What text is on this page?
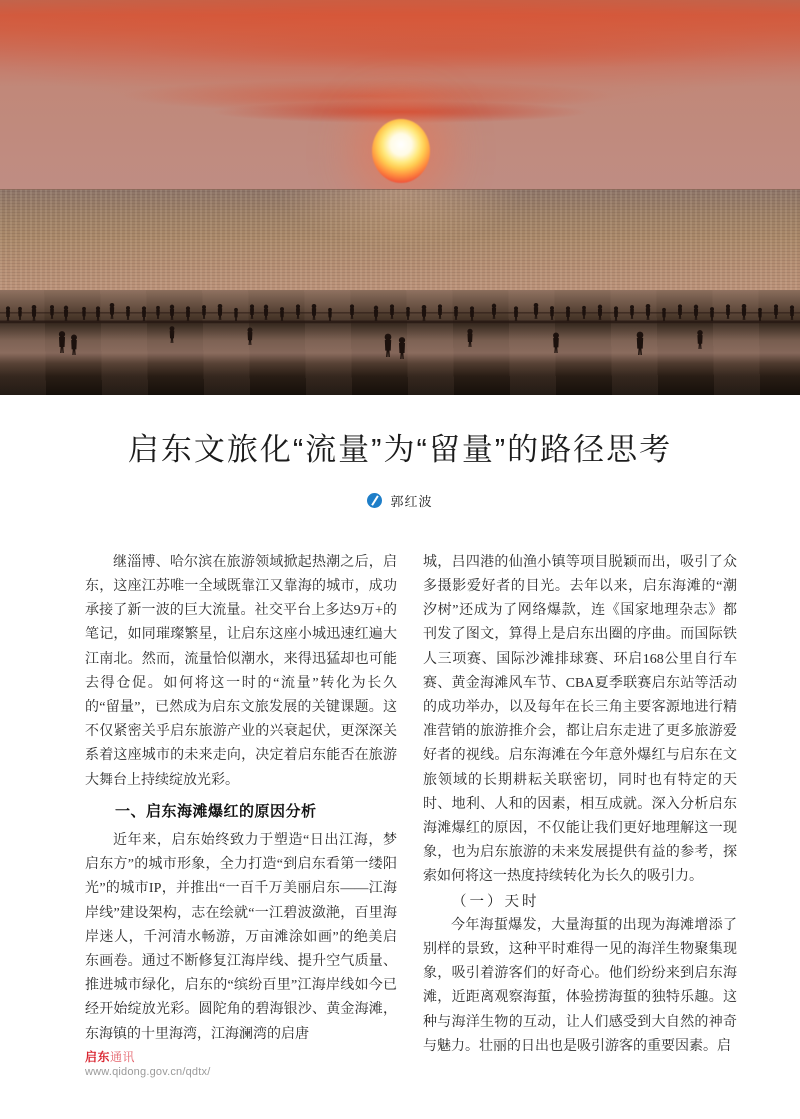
启东文旅化“流量”为“留量”的路径思考
郭红波

继淄博、哈尔滨在旅游领域掀起热潮之后，启东，这座江苏唯一全域既靠江又靠海的城市，成功承接了新一波的巨大流量。社交平台上多达9万+的笔记，如同璀璨繁星，让启东这座小城迅速红遍大江南北。然而，流量恰似潮水，来得迅猛却也可能去得仓促。如何将这一时的“流量”转化为长久的“留量”，已然成为启东文旅发展的关键课题。这不仅紧密关乎启东旅游产业的兴衰起伏，更深深关系着这座城市的未来走向，决定着启东能否在旅游大舞台上持续绽放光彩。

一、启东海滩爆红的原因分析

近年来，启东始终致力于塑造“日出江海，梦启东方”的城市形象，全力打造“到启东看第一缕阳光”的城市IP，并推出“一百千万美丽启东——江海岸线”建设架构，志在绘就“一江碧波潋滟，百里海岸迷人，千河清水畅游，万亩滩涂如画”的绝美启东画卷。通过不断修复江海岸线、提升空气质量、推进城市绿化，启东的“缤纷百里”江海岸线如今已经开始绽放光彩。圆陀角的碧海银沙、黄金海滩，东海镇的十里海湾，江海澜湾的启唐

城，吕四港的仙渔小镇等项目脱颖而出，吸引了众多摄影爱好者的目光。去年以来，启东海滩的“潮汐树”还成为了网络爆款，连《国家地理杂志》都刊发了图文，算得上是启东出圈的序曲。而国际铁人三项赛、国际沙滩排球赛、环启168公里自行车赛、黄金海滩风车节、CBA夏季联赛启东站等活动的成功举办，以及每年在长三角主要客源地进行精准营销的旅游推介会，都让启东走进了更多旅游爱好者的视线。启东海滩在今年意外爆红与启东在文旅领域的长期耕耘关联密切，同时也有特定的天时、地利、人和的因素，相互成就。深入分析启东海滩爆红的原因，不仅能让我们更好地理解这一现象，也为启东旅游的未来发展提供有益的参考，探索如何将这一热度持续转化为长久的吸引力。

（一）天时

今年海蜇爆发，大量海蜇的出现为海滩增添了别样的景致，这种平时难得一见的海洋生物聚集现象，吸引着游客们的好奇心。他们纷纷来到启东海滩，近距离观察海蜇，体验捞海蜇的独特乐趣。这种与海洋生物的互动，让人们感受到大自然的神奇与魅力。壮丽的日出也是吸引游客的重要因素。启

启东通讯
www.qidong.gov.cn/qdtx/
